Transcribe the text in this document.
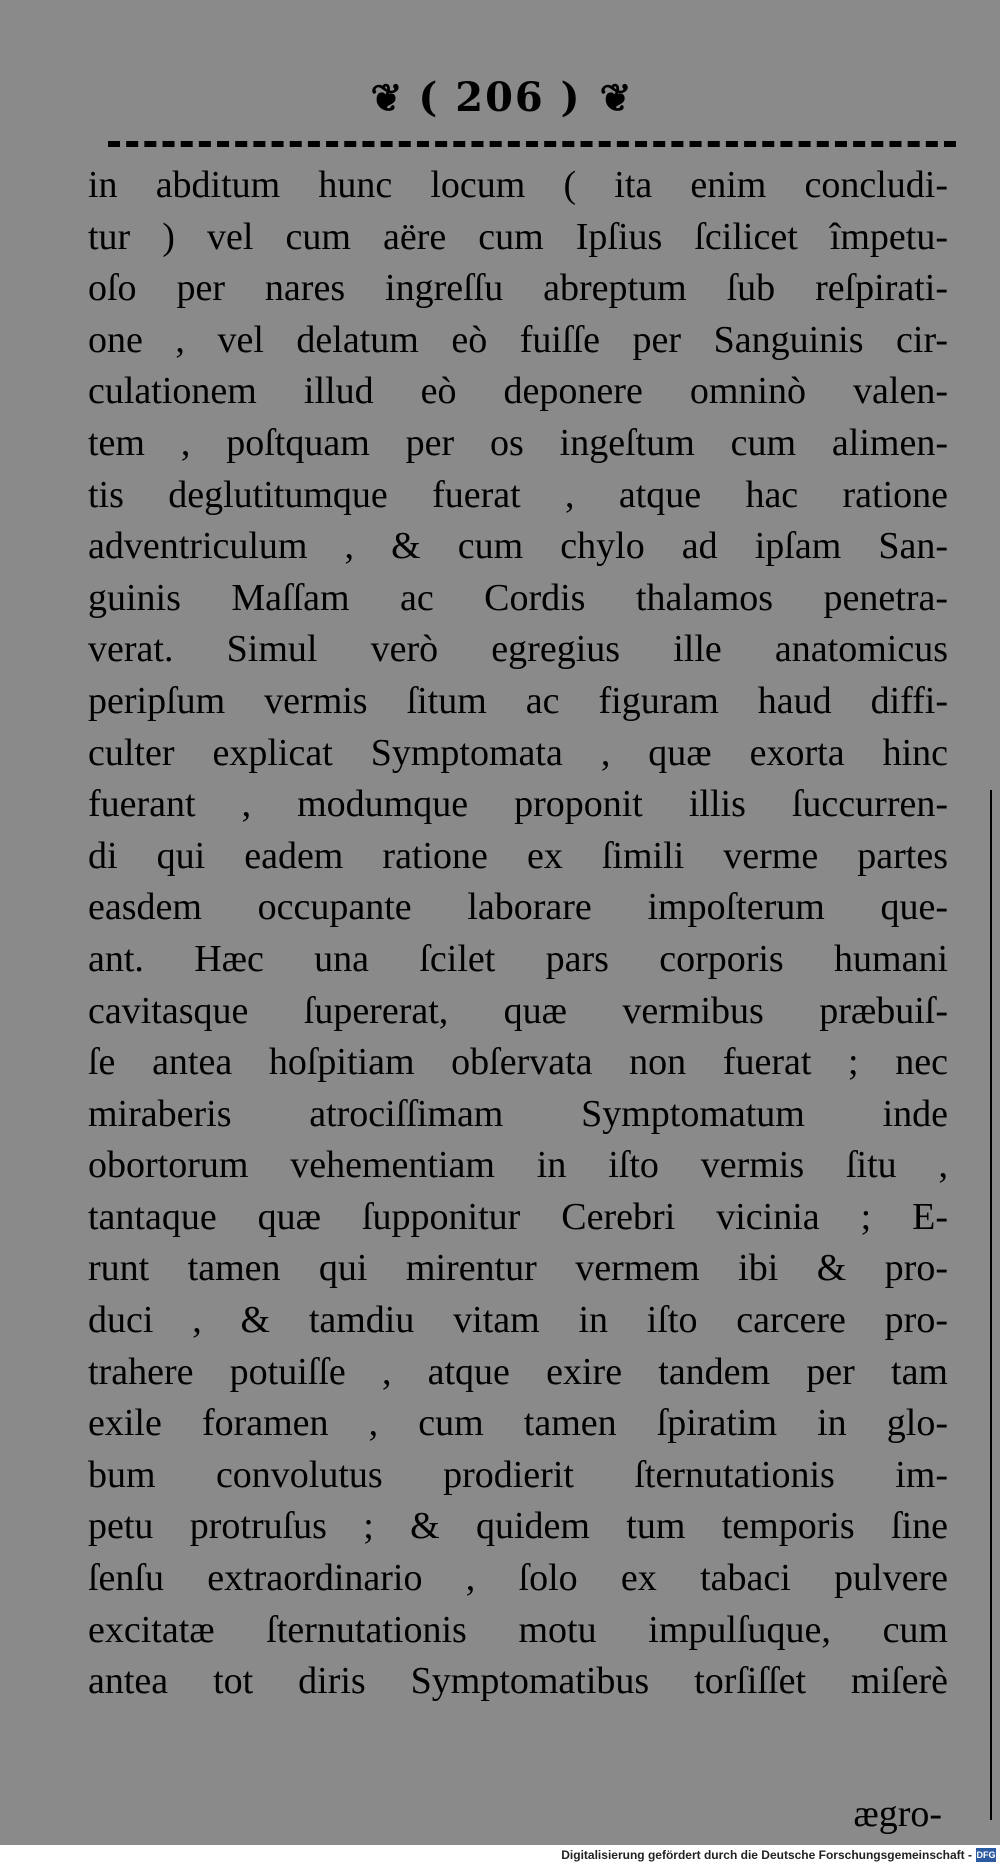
❦ ( 206 ) ❦
in abditum hunc locum ( ita enim concludi-
tur ) vel cum aëre cum Ipſius ſcilicet împetu-
oſo per nares ingreſſu abreptum ſub reſpirati-
one , vel delatum eò fuiſſe per Sanguinis cir-
culationem illud eò deponere omninò valen-
tem , poſtquam per os ingeſtum cum alimen-
tis deglutitumque fuerat , atque hac ratione
adventriculum , & cum chylo ad ipſam San-
guinis Maſſam ac Cordis thalamos penetra-
verat. Simul verò egregius ille anatomicus
peripſum vermis ſitum ac figuram haud diffi-
culter explicat Symptomata , quæ exorta hinc
fuerant , modumque proponit illis ſuccurren-
di qui eadem ratione ex ſimili verme partes
easdem occupante laborare impoſterum que-
ant. Hæc una ſcilet pars corporis humani
cavitasque ſupererat, quæ vermibus præbuiſ-
ſe antea hoſpitiam obſervata non fuerat ; nec
miraberis atrociſſimam Symptomatum inde
obortorum vehementiam in iſto vermis ſitu ,
tantaque quæ ſupponitur Cerebri vicinia ; E-
runt tamen qui mirentur vermem ibi & pro-
duci , & tamdiu vitam in iſto carcere pro-
trahere potuiſſe , atque exire tandem per tam
exile foramen , cum tamen ſpiratim in glo-
bum convolutus prodierit ſternutationis im-
petu protruſus ; & quidem tum temporis ſine
ſenſu extraordinario , ſolo ex tabaci pulvere
excitatæ ſternutationis motu impulſuque, cum
antea tot diris Symptomatibus torſiſſet miſerè
ægro-
Digitalisierung gefördert durch die Deutsche Forschungsgemeinschaft - DFG
